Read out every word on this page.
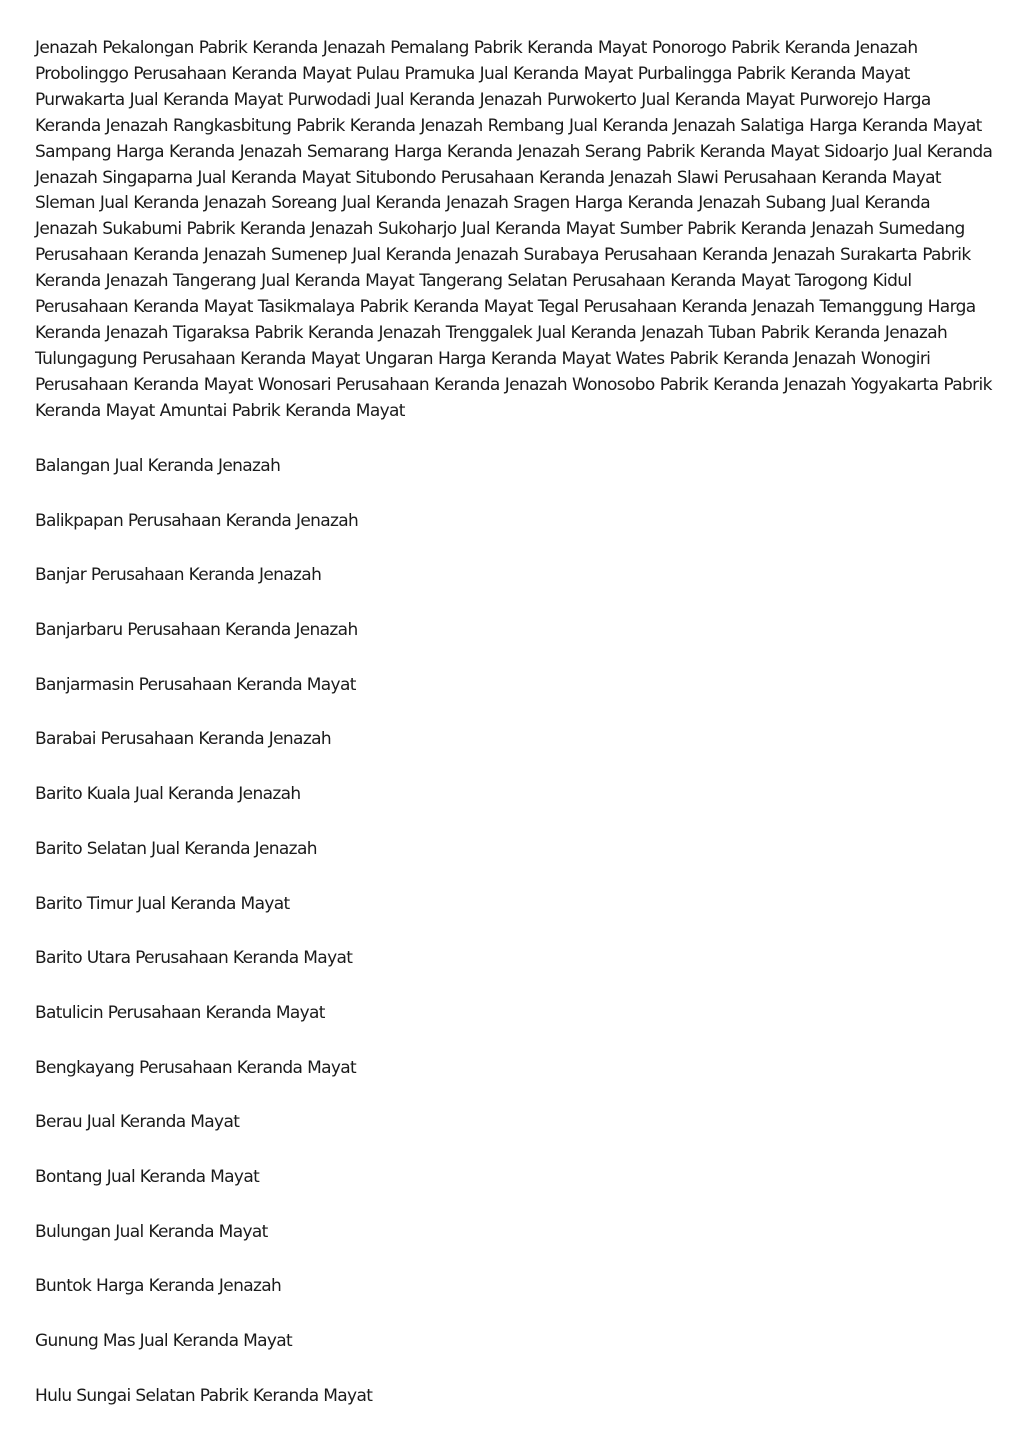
Jenazah Pekalongan Pabrik Keranda Jenazah Pemalang Pabrik Keranda Mayat Ponorogo Pabrik Keranda Jenazah Probolinggo Perusahaan Keranda Mayat Pulau Pramuka Jual Keranda Mayat Purbalingga Pabrik Keranda Mayat Purwakarta Jual Keranda Mayat Purwodadi Jual Keranda Jenazah Purwokerto Jual Keranda Mayat Purworejo Harga Keranda Jenazah Rangkasbitung Pabrik Keranda Jenazah Rembang Jual Keranda Jenazah Salatiga Harga Keranda Mayat Sampang Harga Keranda Jenazah Semarang Harga Keranda Jenazah Serang Pabrik Keranda Mayat Sidoarjo Jual Keranda Jenazah Singaparna Jual Keranda Mayat Situbondo Perusahaan Keranda Jenazah Slawi Perusahaan Keranda Mayat Sleman Jual Keranda Jenazah Soreang Jual Keranda Jenazah Sragen Harga Keranda Jenazah Subang Jual Keranda Jenazah Sukabumi Pabrik Keranda Jenazah Sukoharjo Jual Keranda Mayat Sumber Pabrik Keranda Jenazah Sumedang Perusahaan Keranda Jenazah Sumenep Jual Keranda Jenazah Surabaya Perusahaan Keranda Jenazah Surakarta Pabrik Keranda Jenazah Tangerang Jual Keranda Mayat Tangerang Selatan Perusahaan Keranda Mayat Tarogong Kidul Perusahaan Keranda Mayat Tasikmalaya Pabrik Keranda Mayat Tegal Perusahaan Keranda Jenazah Temanggung Harga Keranda Jenazah Tigaraksa Pabrik Keranda Jenazah Trenggalek Jual Keranda Jenazah Tuban Pabrik Keranda Jenazah Tulungagung Perusahaan Keranda Mayat Ungaran Harga Keranda Mayat Wates Pabrik Keranda Jenazah Wonogiri Perusahaan Keranda Mayat Wonosari Perusahaan Keranda Jenazah Wonosobo Pabrik Keranda Jenazah Yogyakarta Pabrik Keranda Mayat Amuntai Pabrik Keranda Mayat

Balangan Jual Keranda Jenazah
Balikpapan Perusahaan Keranda Jenazah
Banjar Perusahaan Keranda Jenazah
Banjarbaru Perusahaan Keranda Jenazah
Banjarmasin Perusahaan Keranda Mayat
Barabai Perusahaan Keranda Jenazah
Barito Kuala Jual Keranda Jenazah
Barito Selatan Jual Keranda Jenazah
Barito Timur Jual Keranda Mayat
Barito Utara Perusahaan Keranda Mayat
Batulicin Perusahaan Keranda Mayat
Bengkayang Perusahaan Keranda Mayat
Berau Jual Keranda Mayat
Bontang Jual Keranda Mayat
Bulungan Jual Keranda Mayat
Buntok Harga Keranda Jenazah
Gunung Mas Jual Keranda Mayat
Hulu Sungai Selatan Pabrik Keranda Mayat
